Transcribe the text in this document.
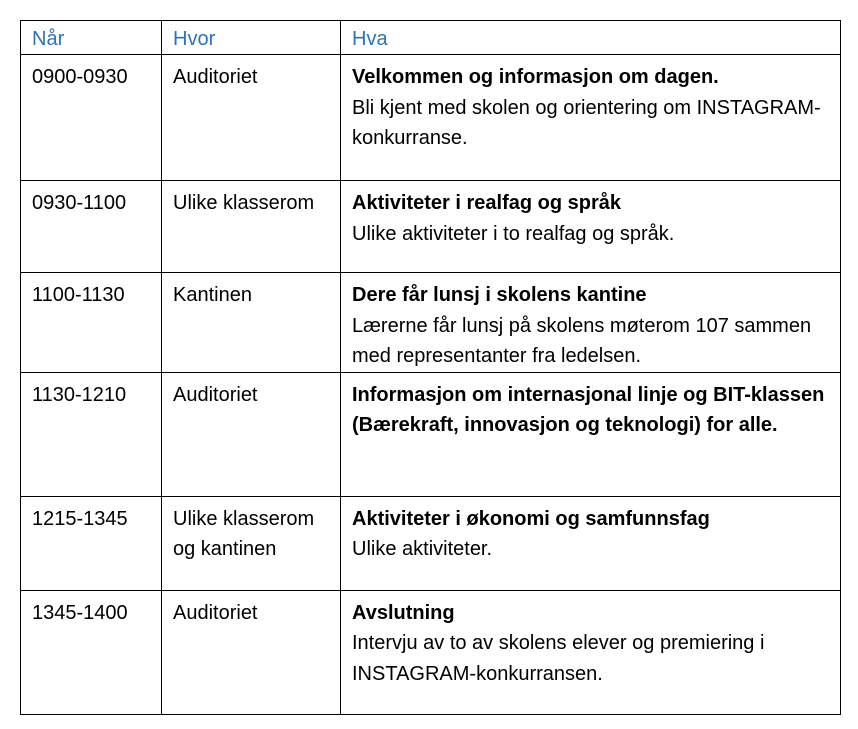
Når	Hvor	Hva
0900-0930	Auditoriet	Velkommen og informasjon om dagen.
Bli kjent med skolen og orientering om INSTAGRAM-konkurranse.

0930-1100	Ulike klasserom	Aktiviteter i realfag og språk
Ulike aktiviteter i to realfag og språk.

1100-1130	Kantinen	Dere får lunsj i skolens kantine
Lærerne får lunsj på skolens møterom 107 sammen med representanter fra ledelsen.

1130-1210	Auditoriet	Informasjon om internasjonal linje og BIT-klassen (Bærekraft, innovasjon og teknologi) for alle.

1215-1345	Ulike klasserom og kantinen	Aktiviteter i økonomi og samfunnsfag
Ulike aktiviteter.

1345-1400	Auditoriet	Avslutning
Intervju av to av skolens elever og premiering i INSTAGRAM-konkurransen.
